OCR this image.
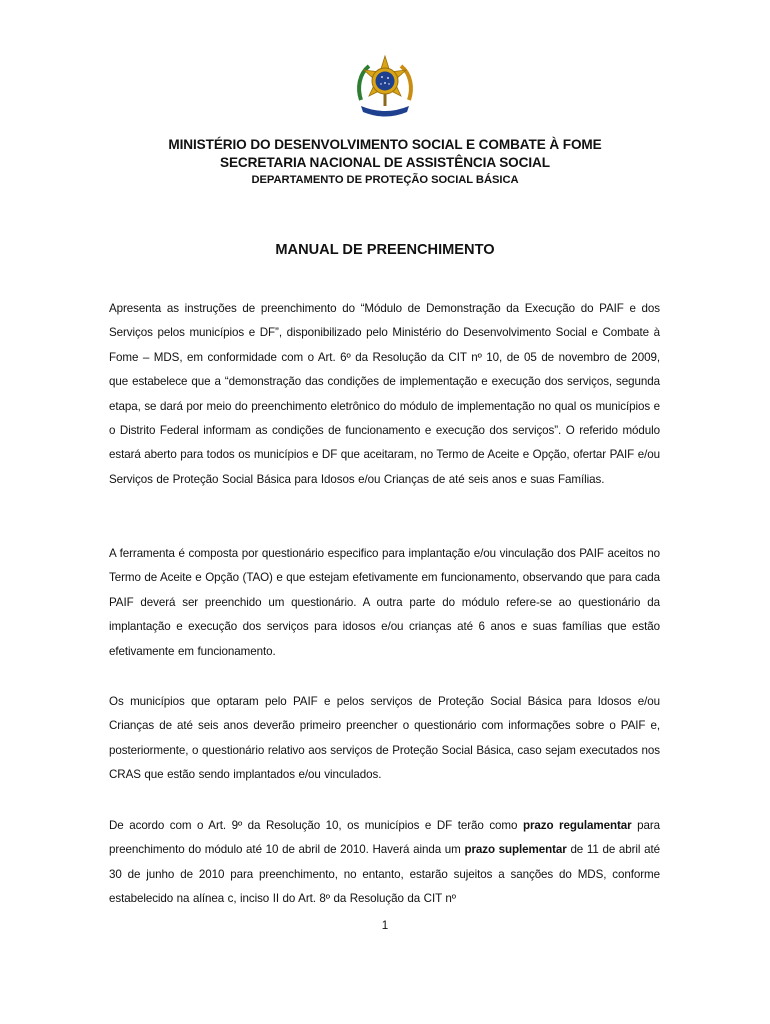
MINISTÉRIO DO DESENVOLVIMENTO SOCIAL E COMBATE À FOME
SECRETARIA NACIONAL DE ASSISTÊNCIA SOCIAL
DEPARTAMENTO DE PROTEÇÃO SOCIAL BÁSICA
MANUAL DE PREENCHIMENTO

Apresenta as instruções de preenchimento do “Módulo de Demonstração da Execução do PAIF e dos Serviços pelos municípios e DF”, disponibilizado pelo Ministério do Desenvolvimento Social e Combate à Fome – MDS, em conformidade com o Art. 6º da Resolução da CIT nº 10, de 05 de novembro de 2009, que estabelece que a “demonstração das condições de implementação e execução dos serviços, segunda etapa, se dará por meio do preenchimento eletrônico do módulo de implementação no qual os municípios e o Distrito Federal informam as condições de funcionamento e execução dos serviços”. O referido módulo estará aberto para todos os municípios e DF que aceitaram, no Termo de Aceite e Opção, ofertar PAIF e/ou Serviços de Proteção Social Básica para Idosos e/ou Crianças de até seis anos e suas Famílias.

A ferramenta é composta por questionário especifico para implantação e/ou vinculação dos PAIF aceitos no Termo de Aceite e Opção (TAO) e que estejam efetivamente em funcionamento, observando que para cada PAIF deverá ser preenchido um questionário. A outra parte do módulo refere-se ao questionário da implantação e execução dos serviços para idosos e/ou crianças até 6 anos e suas famílias que estão efetivamente em funcionamento.

Os municípios que optaram pelo PAIF e pelos serviços de Proteção Social Básica para Idosos e/ou Crianças de até seis anos deverão primeiro preencher o questionário com informações sobre o PAIF e, posteriormente, o questionário relativo aos serviços de Proteção Social Básica, caso sejam executados nos CRAS que estão sendo implantados e/ou vinculados.

De acordo com o Art. 9º da Resolução 10, os municípios e DF terão como prazo regulamentar para preenchimento do módulo até 10 de abril de 2010. Haverá ainda um prazo suplementar de 11 de abril até 30 de junho de 2010 para preenchimento, no entanto, estarão sujeitos a sanções do MDS, conforme estabelecido na alínea c, inciso II do Art. 8º da Resolução da CIT nº

1
